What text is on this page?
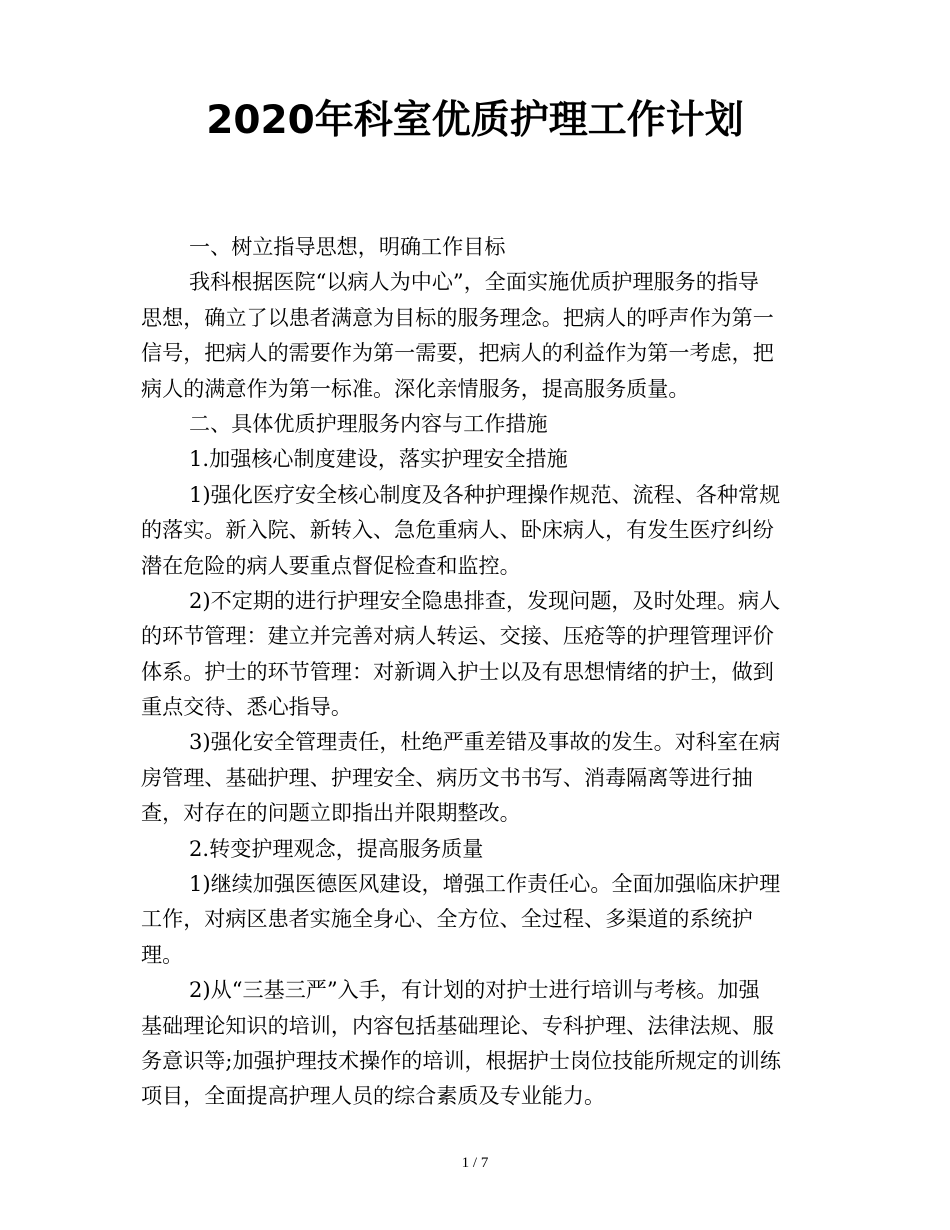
2020年科室优质护理工作计划
一、树立指导思想，明确工作目标
我科根据医院“以病人为中心”，全面实施优质护理服务的指导
思想，确立了以患者满意为目标的服务理念。把病人的呼声作为第一
信号，把病人的需要作为第一需要，把病人的利益作为第一考虑，把
病人的满意作为第一标准。深化亲情服务，提高服务质量。
二、具体优质护理服务内容与工作措施
1.加强核心制度建设，落实护理安全措施
1)强化医疗安全核心制度及各种护理操作规范、流程、各种常规
的落实。新入院、新转入、急危重病人、卧床病人，有发生医疗纠纷
潜在危险的病人要重点督促检查和监控。
2)不定期的进行护理安全隐患排查，发现问题，及时处理。病人
的环节管理：建立并完善对病人转运、交接、压疮等的护理管理评价
体系。护士的环节管理：对新调入护士以及有思想情绪的护士，做到
重点交待、悉心指导。
3)强化安全管理责任，杜绝严重差错及事故的发生。对科室在病
房管理、基础护理、护理安全、病历文书书写、消毒隔离等进行抽
查，对存在的问题立即指出并限期整改。
2.转变护理观念，提高服务质量
1)继续加强医德医风建设，增强工作责任心。全面加强临床护理
工作，对病区患者实施全身心、全方位、全过程、多渠道的系统护
理。
2)从“三基三严”入手，有计划的对护士进行培训与考核。加强
基础理论知识的培训，内容包括基础理论、专科护理、法律法规、服
务意识等;加强护理技术操作的培训，根据护士岗位技能所规定的训练
项目，全面提高护理人员的综合素质及专业能力。
1 / 7
